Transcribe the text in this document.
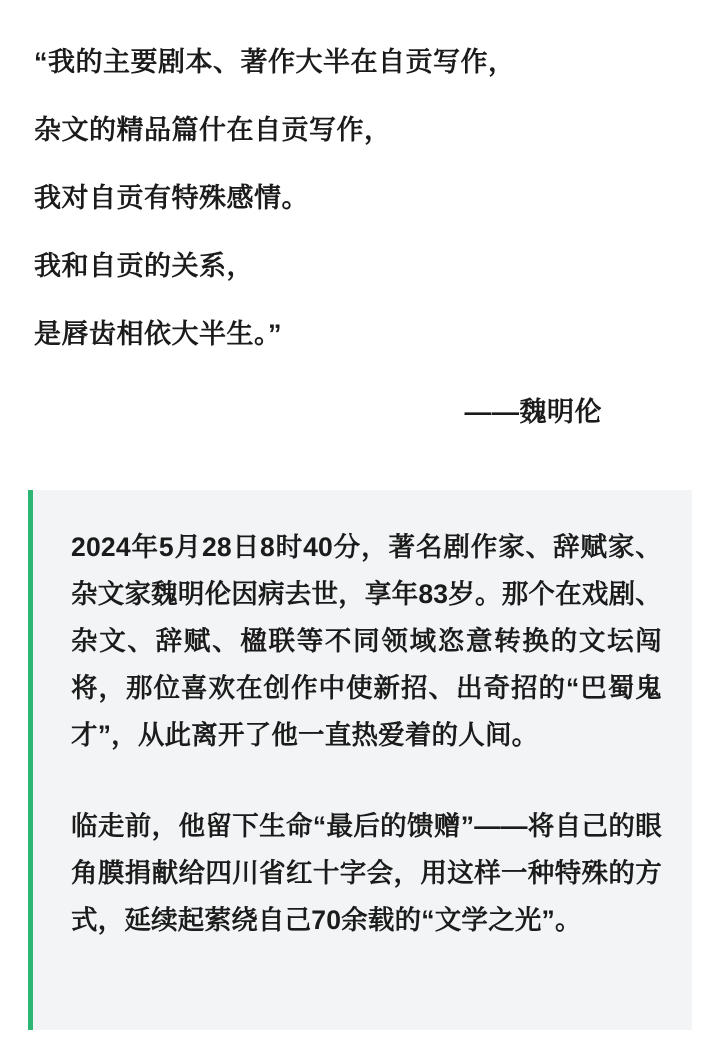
“我的主要剧本、著作大半在自贡写作，
杂文的精品篇什在自贡写作，
我对自贡有特殊感情。
我和自贡的关系，
是唇齿相依大半生。”
——魏明伦

2024年5月28日8时40分，著名剧作家、辞赋家、杂文家魏明伦因病去世，享年83岁。那个在戏剧、杂文、辞赋、楹联等不同领域恣意转换的文坛闯将，那位喜欢在创作中使新招、出奇招的“巴蜀鬼才”，从此离开了他一直热爱着的人间。

临走前，他留下生命“最后的馈赠”——将自己的眼角膜捐献给四川省红十字会，用这样一种特殊的方式，延续起萦绕自己70余载的“文学之光”。
